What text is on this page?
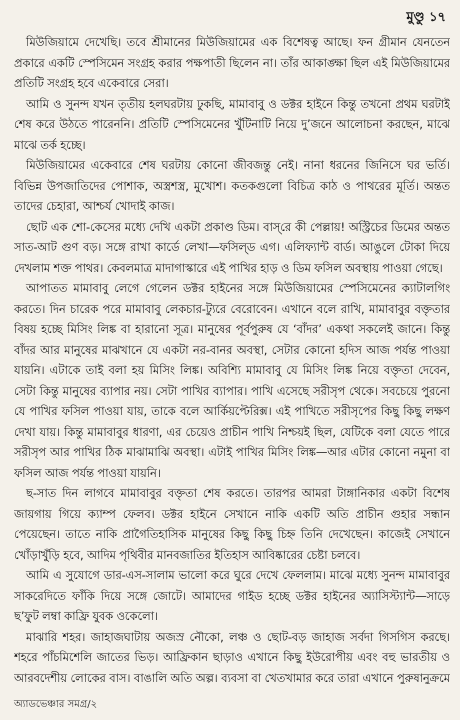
মুণ্ডু ১৭

মিউজিয়ামে দেখেছি। তবে শ্রীমানের মিউজিয়ামের এক বিশেষত্ব আছে। ফন গ্রীমান যেনতেন প্রকারে একটি স্পেসিমেন সংগ্রহ করার পক্ষপাতী ছিলেন না। তাঁর আকাঙ্ক্ষা ছিল এই মিউজিয়ামের প্রতিটি সংগ্রহ হবে একেবারে সেরা।

আমি ও সুনন্দ যখন তৃতীয় হলঘরটায় ঢুকছি, মামাবাবু ও ডক্টর হাইনে কিন্তু তখনো প্রথম ঘরটাই শেষ করে উঠতে পারেননি। প্রতিটি স্পেসিমেনের খুঁটিনাটি নিয়ে দু’জনে আলোচনা করছেন, মাঝে মাঝে তর্ক হচ্ছে।

মিউজিয়ামের একেবারে শেষ ঘরটায় কোনো জীবজন্তু নেই। নানা ধরনের জিনিসে ঘর ভর্তি। বিভিন্ন উপজাতিদের পোশাক, অস্ত্রশস্ত্র, মুখোশ। কতকগুলো বিচিত্র কাঠ ও পাথরের মূর্তি। অন্তত তাদের চেহারা, আশ্চর্য খোদাই কাজ।

ছোট এক শো-কেসের মধ্যে দেখি একটা প্রকাণ্ড ডিম। বাস্‌রে কী পেল্লায়! অস্ট্রিচের ডিমের অন্তত সাত-আট গুণ বড়। সঙ্গে রাখা কার্ডে লেখা—ফসিল্‌ড এগ। এলিফ্যান্ট বার্ড। আঙুলে টোকা দিয়ে দেখলাম শক্ত পাথর। কেবলমাত্র মাদাগাস্কারে এই পাখির হাড় ও ডিম ফসিল অবস্থায় পাওয়া গেছে।

আপাতত মামাবাবু লেগে গেলেন ডক্টর হাইনের সঙ্গে মিউজিয়ামের স্পেসিমেনের ক্যাটালগিং করতে। দিন চারেক পরে মামাবাবু লেকচার-ট্যুরে বেরোবেন। এখানে বলে রাখি, মামাবাবুর বক্তৃতার বিষয় হচ্ছে মিসিং লিঙ্ক বা হারানো সূত্র। মানুষের পূর্বপুরুষ যে ‘বাঁদর’ একথা সকলেই জানে। কিন্তু বাঁদর আর মানুষের মাঝখানে যে একটা নর-বানর অবস্থা, সেটার কোনো হদিস আজ পর্যন্ত পাওয়া যায়নি। এটাকে তাই বলা হয় মিসিং লিঙ্ক। অবিশ্যি মামাবাবু যে মিসিং লিঙ্ক নিয়ে বক্তৃতা দেবেন, সেটা কিন্তু মানুষের ব্যাপার নয়। সেটা পাখির ব্যাপার। পাখি এসেছে সরীসৃপ থেকে। সবচেয়ে পুরনো যে পাখির ফসিল পাওয়া যায়, তাকে বলে আর্কিয়প্টেরিক্স। এই পাখিতে সরীসৃপের কিছু কিছু লক্ষণ দেখা যায়। কিন্তু মামাবাবুর ধারণা, এর চেয়েও প্রাচীন পাখি নিশ্চয়ই ছিল, যেটিকে বলা যেতে পারে সরীসৃপ আর পাখির ঠিক মাঝামাঝি অবস্থা। এটাই পাখির মিসিং লিঙ্ক—আর এটার কোনো নমুনা বা ফসিল আজ পর্যন্ত পাওয়া যায়নি।

ছ-সাত দিন লাগবে মামাবাবুর বক্তৃতা শেষ করতে। তারপর আমরা টাঙ্গানিকার একটা বিশেষ জায়গায় গিয়ে ক্যাম্প ফেলব। ডক্টর হাইনে সেখানে নাকি একটি অতি প্রাচীন গুহার সন্ধান পেয়েছেন। তাতে নাকি প্রাগৈতিহাসিক মানুষের কিছু কিছু চিহ্ন তিনি দেখেছেন। কাজেই সেখানে খোঁড়াখুঁড়ি হবে, আদিম পৃথিবীর মানবজাতির ইতিহাস আবিষ্কারের চেষ্টা চলবে।

আমি এ সুযোগে ডার-এস-সালাম ভালো করে ঘুরে দেখে ফেললাম। মাঝে মধ্যে সুনন্দ মামাবাবুর সাকরেদিতে ফাঁকি দিয়ে সঙ্গে জোটে। আমাদের গাইড হচ্ছে ডক্টর হাইনের অ্যাসিস্ট্যান্ট—সাড়ে ছ’ফুট লম্বা কাফ্রি যুবক ওকেলো।

মাঝারি শহর। জাহাজঘাটায় অজস্র নৌকো, লঞ্চ ও ছোট-বড় জাহাজ সর্বদা গিসগিস করছে। শহরে পাঁচমিশেলি জাতের ভিড়। আফ্রিকান ছাড়াও এখানে কিছু ইউরোপীয় এবং বহু ভারতীয় ও আরবদেশীয় লোকের বাস। বাঙালি অতি অল্প। ব্যবসা বা খেতখামার করে তারা এখানে পুরুষানুক্রমে

অ্যাডভেঞ্চার সমগ্র/২
